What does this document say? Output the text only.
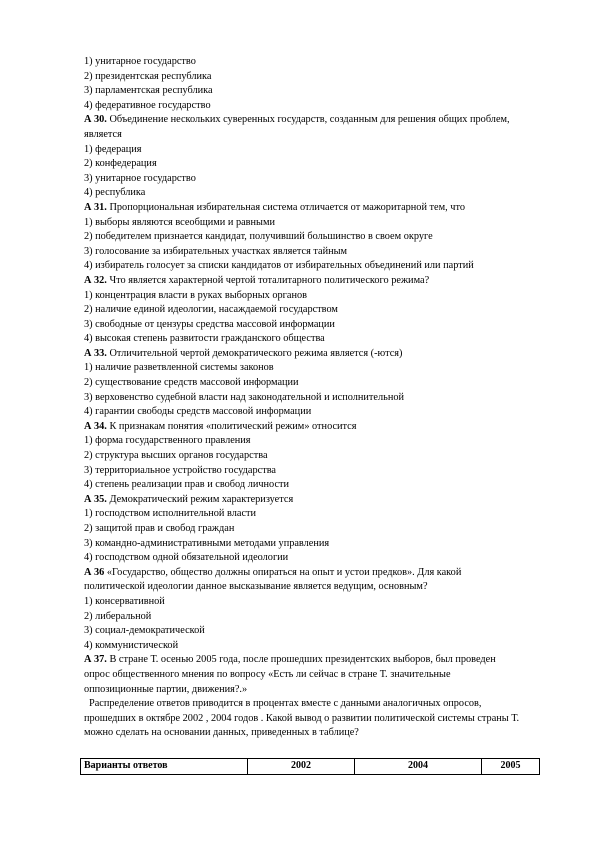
1) унитарное государство
2) президентская республика
3) парламентская республика
4) федеративное государство
А 30. Объединение нескольких суверенных государств, созданным для решения общих проблем, является
1) федерация
2) конфедерация
3) унитарное государство
4) республика
А 31. Пропорциональная избирательная система отличается от мажоритарной тем, что
1) выборы являются всеобщими и равными
2) победителем признается кандидат, получивший большинство в своем округе
3) голосование за избирательных участках является тайным
4) избиратель голосует за списки кандидатов от избирательных объединений или партий
А 32. Что является характерной чертой тоталитарного политического режима?
1) концентрация власти в руках выборных органов
2) наличие единой идеологии, насаждаемой государством
3) свободные от цензуры средства массовой информации
4) высокая степень развитости гражданского общества
А 33. Отличительной чертой демократического режима является (-ются)
1) наличие разветвленной системы законов
2) существование средств массовой информации
3) верховенство судебной власти над законодательной и исполнительной
4) гарантии свободы средств массовой информации
А 34. К признакам понятия «политический режим» относится
1) форма государственного правления
2) структура высших органов государства
3) территориальное устройство государства
4) степень реализации прав и свобод личности
А 35. Демократический режим характеризуется
1) господством исполнительной власти
2) защитой прав и свобод граждан
3) командно-административными методами управления
4) господством одной обязательной идеологии
А 36 «Государство, общество должны опираться на опыт и устои предков». Для какой политической идеологии данное высказывание является ведущим, основным?
1) консервативной
2) либеральной
3) социал-демократической
4) коммунистической
А 37. В стране Т. осенью 2005 года, после прошедших президентских выборов, был проведен опрос общественного мнения по вопросу «Есть ли сейчас в стране Т. значительные оппозиционные партии, движения?.»
Распределение ответов приводится в процентах вместе с данными аналогичных опросов, прошедших в октябре 2002 , 2004 годов . Какой вывод о развитии политической системы страны Т. можно сделать на основании данных, приведенных в таблице?
Варианты ответов	2002	2004	2005
